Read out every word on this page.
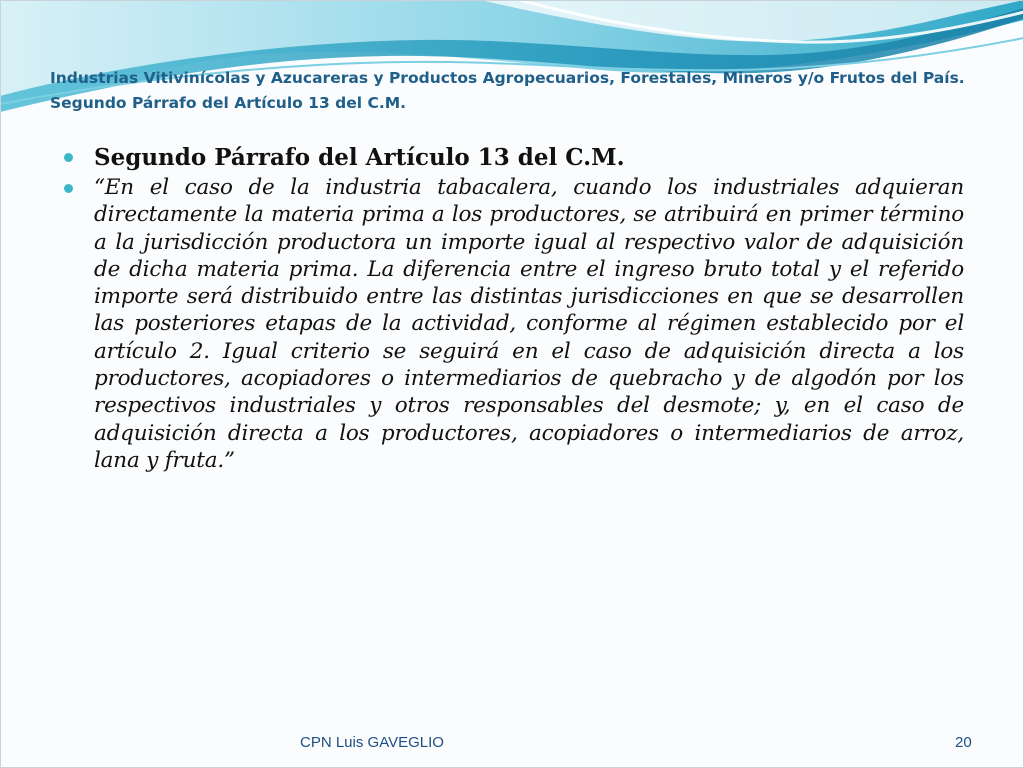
Industrias Vitivinícolas y Azucareras y Productos Agropecuarios, Forestales, Mineros y/o Frutos del País. Segundo Párrafo del Artículo 13 del C.M.
Segundo Párrafo del Artículo 13 del C.M.
“En el caso de la industria tabacalera, cuando los industriales adquieran directamente la materia prima a los productores, se atribuirá en primer término a la jurisdicción productora un importe igual al respectivo valor de adquisición de dicha materia prima. La diferencia entre el ingreso bruto total y el referido importe será distribuido entre las distintas jurisdicciones en que se desarrollen las posteriores etapas de la actividad, conforme al régimen establecido por el artículo 2. Igual criterio se seguirá en el caso de adquisición directa a los productores, acopiadores o intermediarios de quebracho y de algodón por los respectivos industriales y otros responsables del desmote; y, en el caso de adquisición directa a los productores, acopiadores o intermediarios de arroz, lana y fruta.”
CPN Luis GAVEGLIO	20
